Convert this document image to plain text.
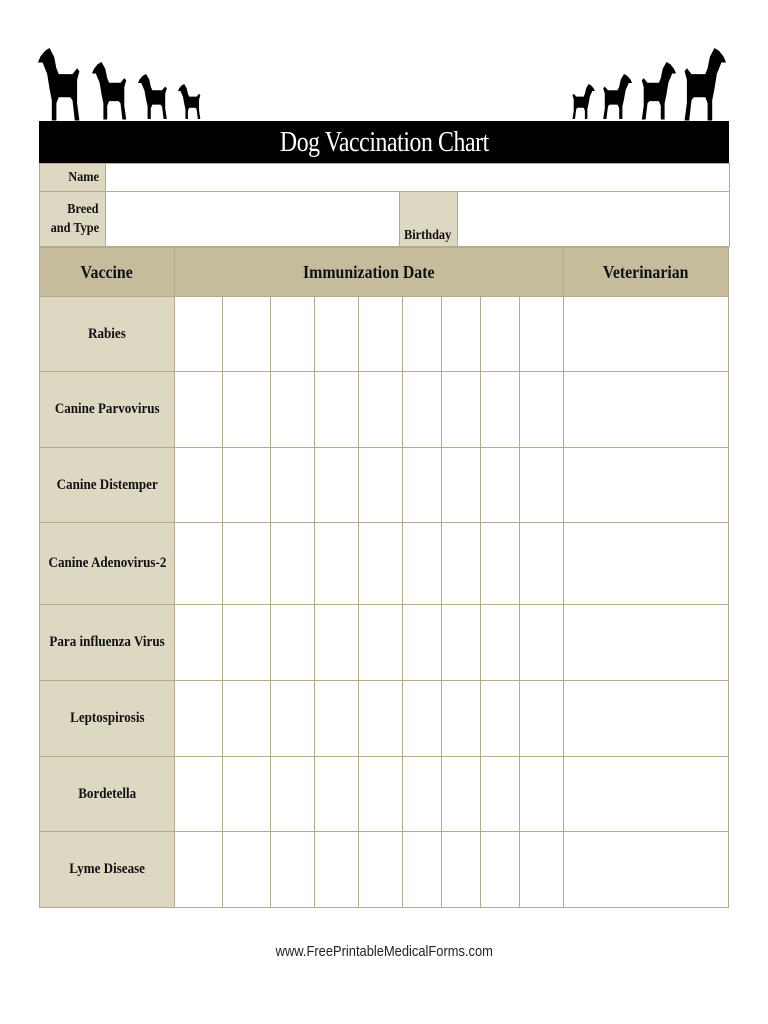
Dog Vaccination Chart
Name			
Breed
and Type		Birthday	
Vaccine	Immunization Date									Veterinarian
Rabies										
Canine Parvovirus										
Canine Distemper										
Canine Adenovirus-2										
Para influenza Virus										
Leptospirosis										
Bordetella										
Lyme Disease										
www.FreePrintableMedicalForms.com
